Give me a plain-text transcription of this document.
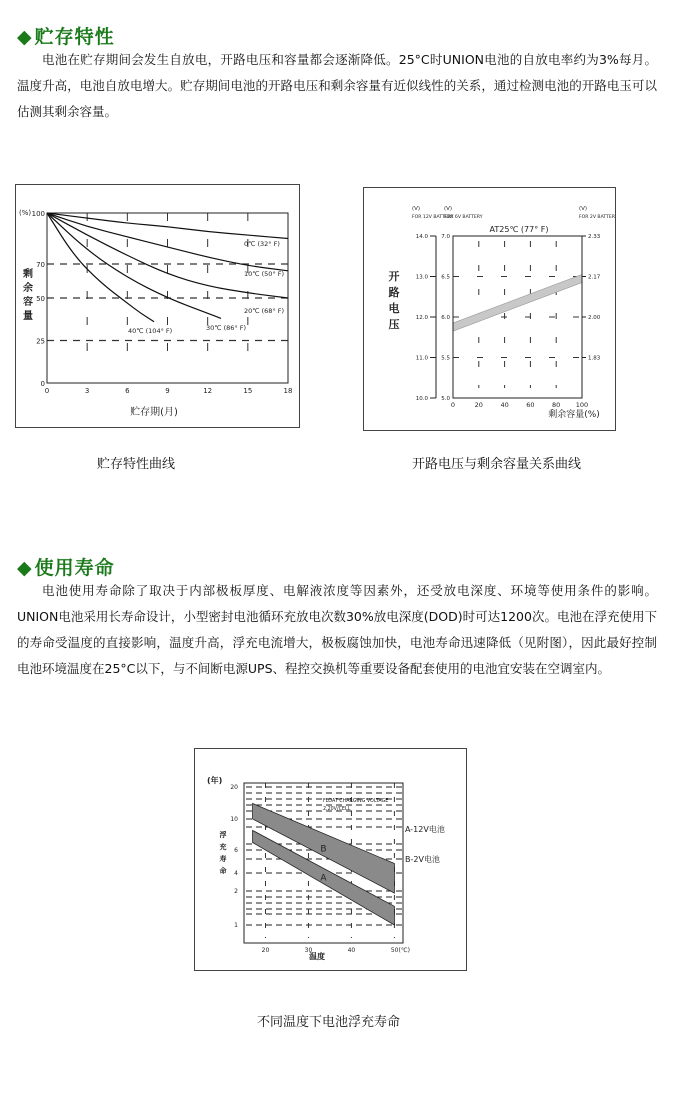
◆ 贮存特性
电池在贮存期间会发生自放电，开路电压和容量都会逐渐降低。25°C时UNION电池的自放电率约为3%每月。温度升高，电池自放电增大。贮存期间电池的开路电压和剩余容量有近似线性的关系，通过检测电池的开路电玉可以估测其剩余容量。
0	3	6	9	12	15	18
0
25
50
70
100
0℃ (32° F)
10℃ (50° F)
20℃ (68° F)
30℃ (86° F)
40℃ (104° F)
剩
余
容
量
(%)
贮存期(月)
贮存特性曲线
14.0
13.0
12.0
11.0
10.0
7.0
6.5
6.0
5.5
5.0
2.33
2.17
2.00
1.83
(V)
FOR 12V BATTERY
(V)
FOR 6V BATTERY
(V)
FOR 2V BATTERY
0	20	40	60	80 100
开
路
电
压
AT25℃ (77° F)
剩余容量(%)
开路电压与剩余容量关系曲线
◆ 使用寿命
电池使用寿命除了取决于内部极板厚度、电解液浓度等因素外，还受放电深度、环境等使用条件的影响。UNION电池采用长寿命设计，小型密封电池循环充放电次数30%放电深度(DOD)时可达1200次。电池在浮充使用下的寿命受温度的直接影响，温度升高，浮充电流增大，极板腐蚀加快，电池寿命迅速降低（见附图），因此最好控制电池环境温度在25°C以下，与不间断电源UPS、程控交换机等重要设备配套使用的电池宜安装在空调室内。
B
A
20
10
6
4
2
1
20	30	40	50(℃)
浮
充
寿
命
(年)
温度
FLOAT CHARGING VOLTAGE
2.20V/CELL
A-12V电池
B-2V电池
不同温度下电池浮充寿命
